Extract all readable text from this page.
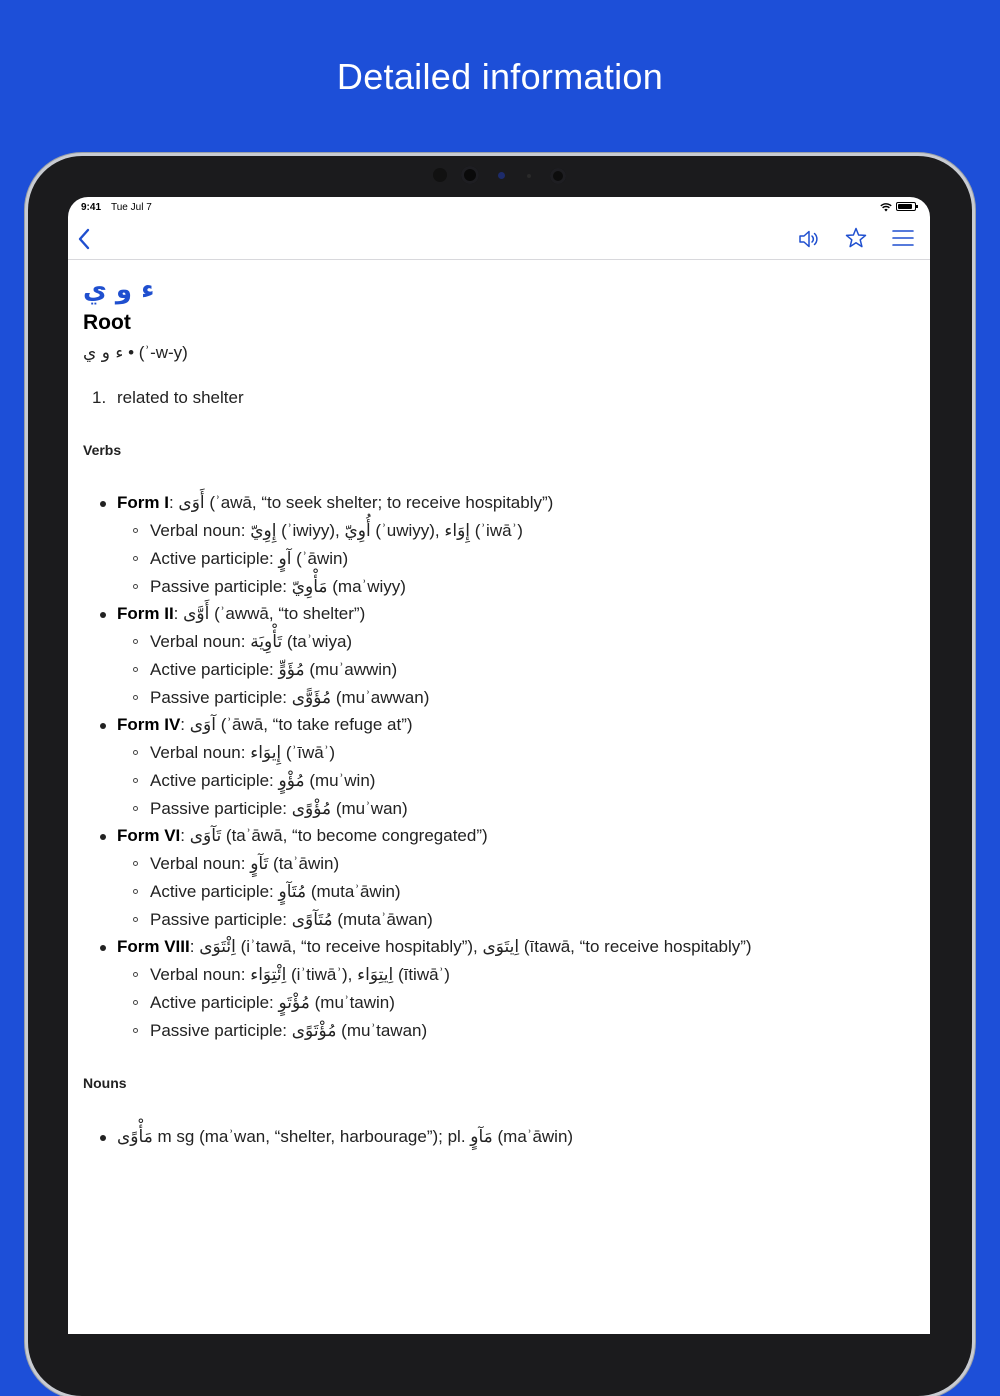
Detailed information
9:41 Tue Jul 7
ء و ي
Root
ء و ي • (ʾ-w-y)
1. related to shelter
Verbs
Form I: أَوَى (ʾawā, “to seek shelter; to receive hospitably”)
Verbal noun: إِوِيّ (ʾiwiyy), أُوِيّ (ʾuwiyy), إِوَاء (ʾiwāʾ)
Active participle: آوٍ (ʾāwin)
Passive participle: مَأْوِيّ (maʾwiyy)
Form II: أَوَّى (ʾawwā, “to shelter”)
Verbal noun: تَأْوِيَة (taʾwiya)
Active participle: مُؤَوٍّ (muʾawwin)
Passive participle: مُؤَوًّى (muʾawwan)
Form IV: آوَى (ʾāwā, “to take refuge at”)
Verbal noun: إِيوَاء (ʾīwāʾ)
Active participle: مُؤْوٍ (muʾwin)
Passive participle: مُؤْوًى (muʾwan)
Form VI: تَآوَى (taʾāwā, “to become congregated”)
Verbal noun: تَآوٍ (taʾāwin)
Active participle: مُتَآوٍ (mutaʾāwin)
Passive participle: مُتَآوًى (mutaʾāwan)
Form VIII: اِئْتَوَى (iʾtawā, “to receive hospitably”), اِيتَوَى (ītawā, “to receive hospitably”)
Verbal noun: اِئْتِوَاء (iʾtiwāʾ), اِيتِوَاء (ītiwāʾ)
Active participle: مُؤْتَوٍ (muʾtawin)
Passive participle: مُؤْتَوًى (muʾtawan)
Nouns
مَأْوًى m sg (maʾwan, “shelter, harbourage”); pl. مَآوٍ (maʾāwin)
